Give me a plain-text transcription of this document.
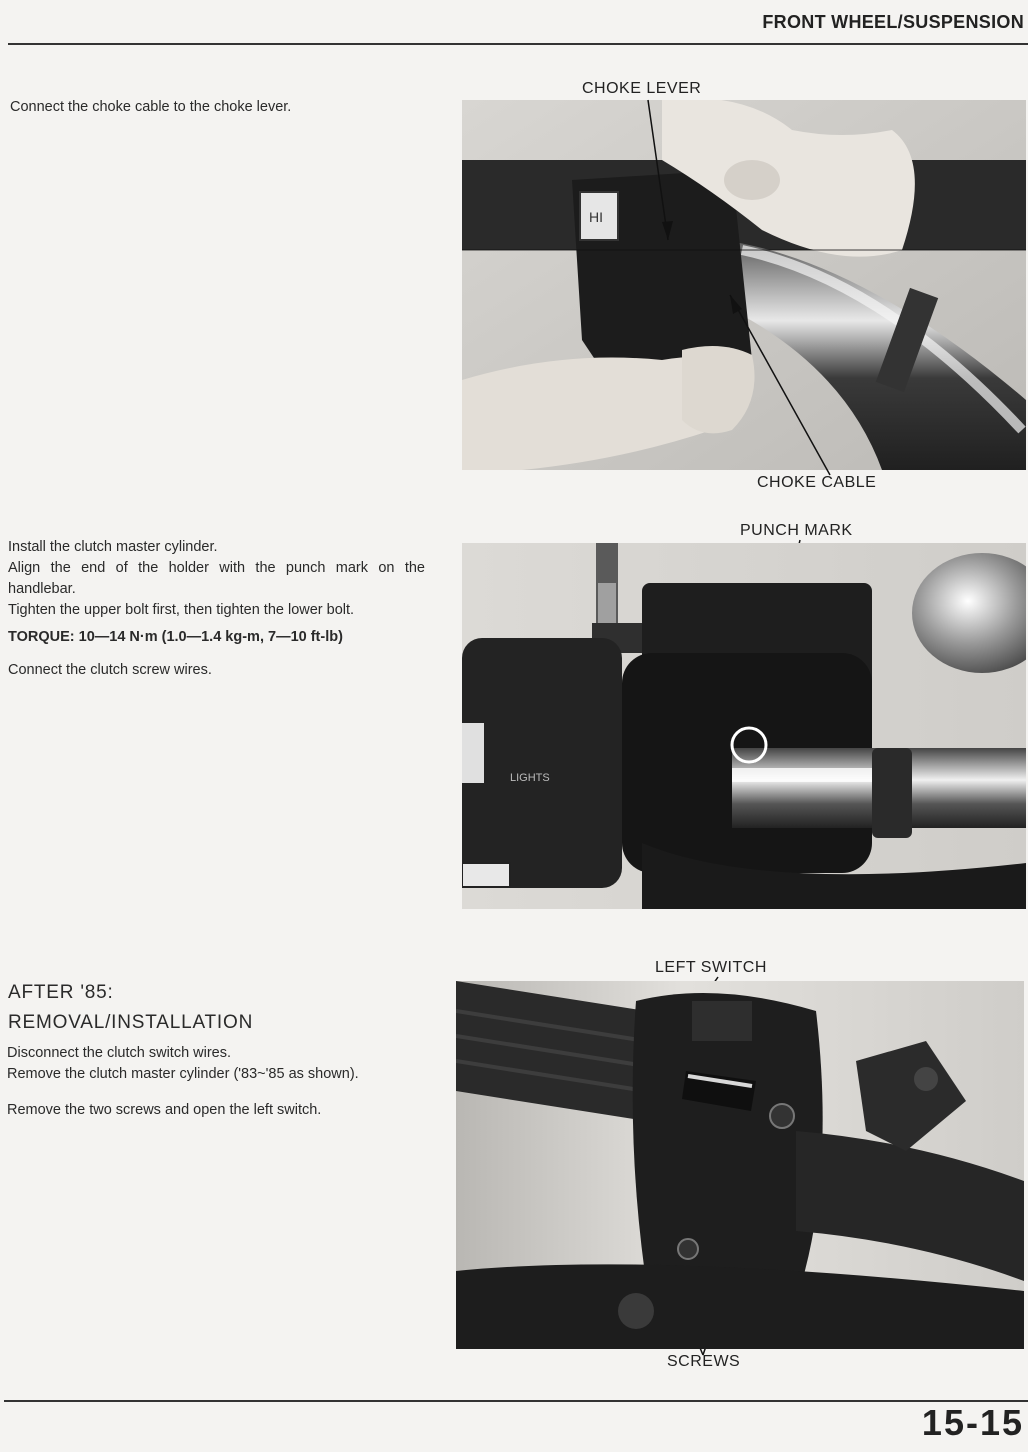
FRONT WHEEL/SUSPENSION
Connect the choke cable to the choke lever.
CHOKE LEVER
HI
CHOKE CABLE
Install the clutch master cylinder.
Align the end of the holder with the punch mark on the handlebar.
Tighten the upper bolt first, then tighten the lower bolt.
TORQUE: 10—14 N·m (1.0—1.4 kg-m, 7—10 ft-lb)
Connect the clutch screw wires.
PUNCH MARK
LIGHTS
AFTER '85:
REMOVAL/INSTALLATION
Disconnect the clutch switch wires.
Remove the clutch master cylinder ('83~'85 as shown).
Remove the two screws and open the left switch.
LEFT SWITCH
SCREWS
15-15
